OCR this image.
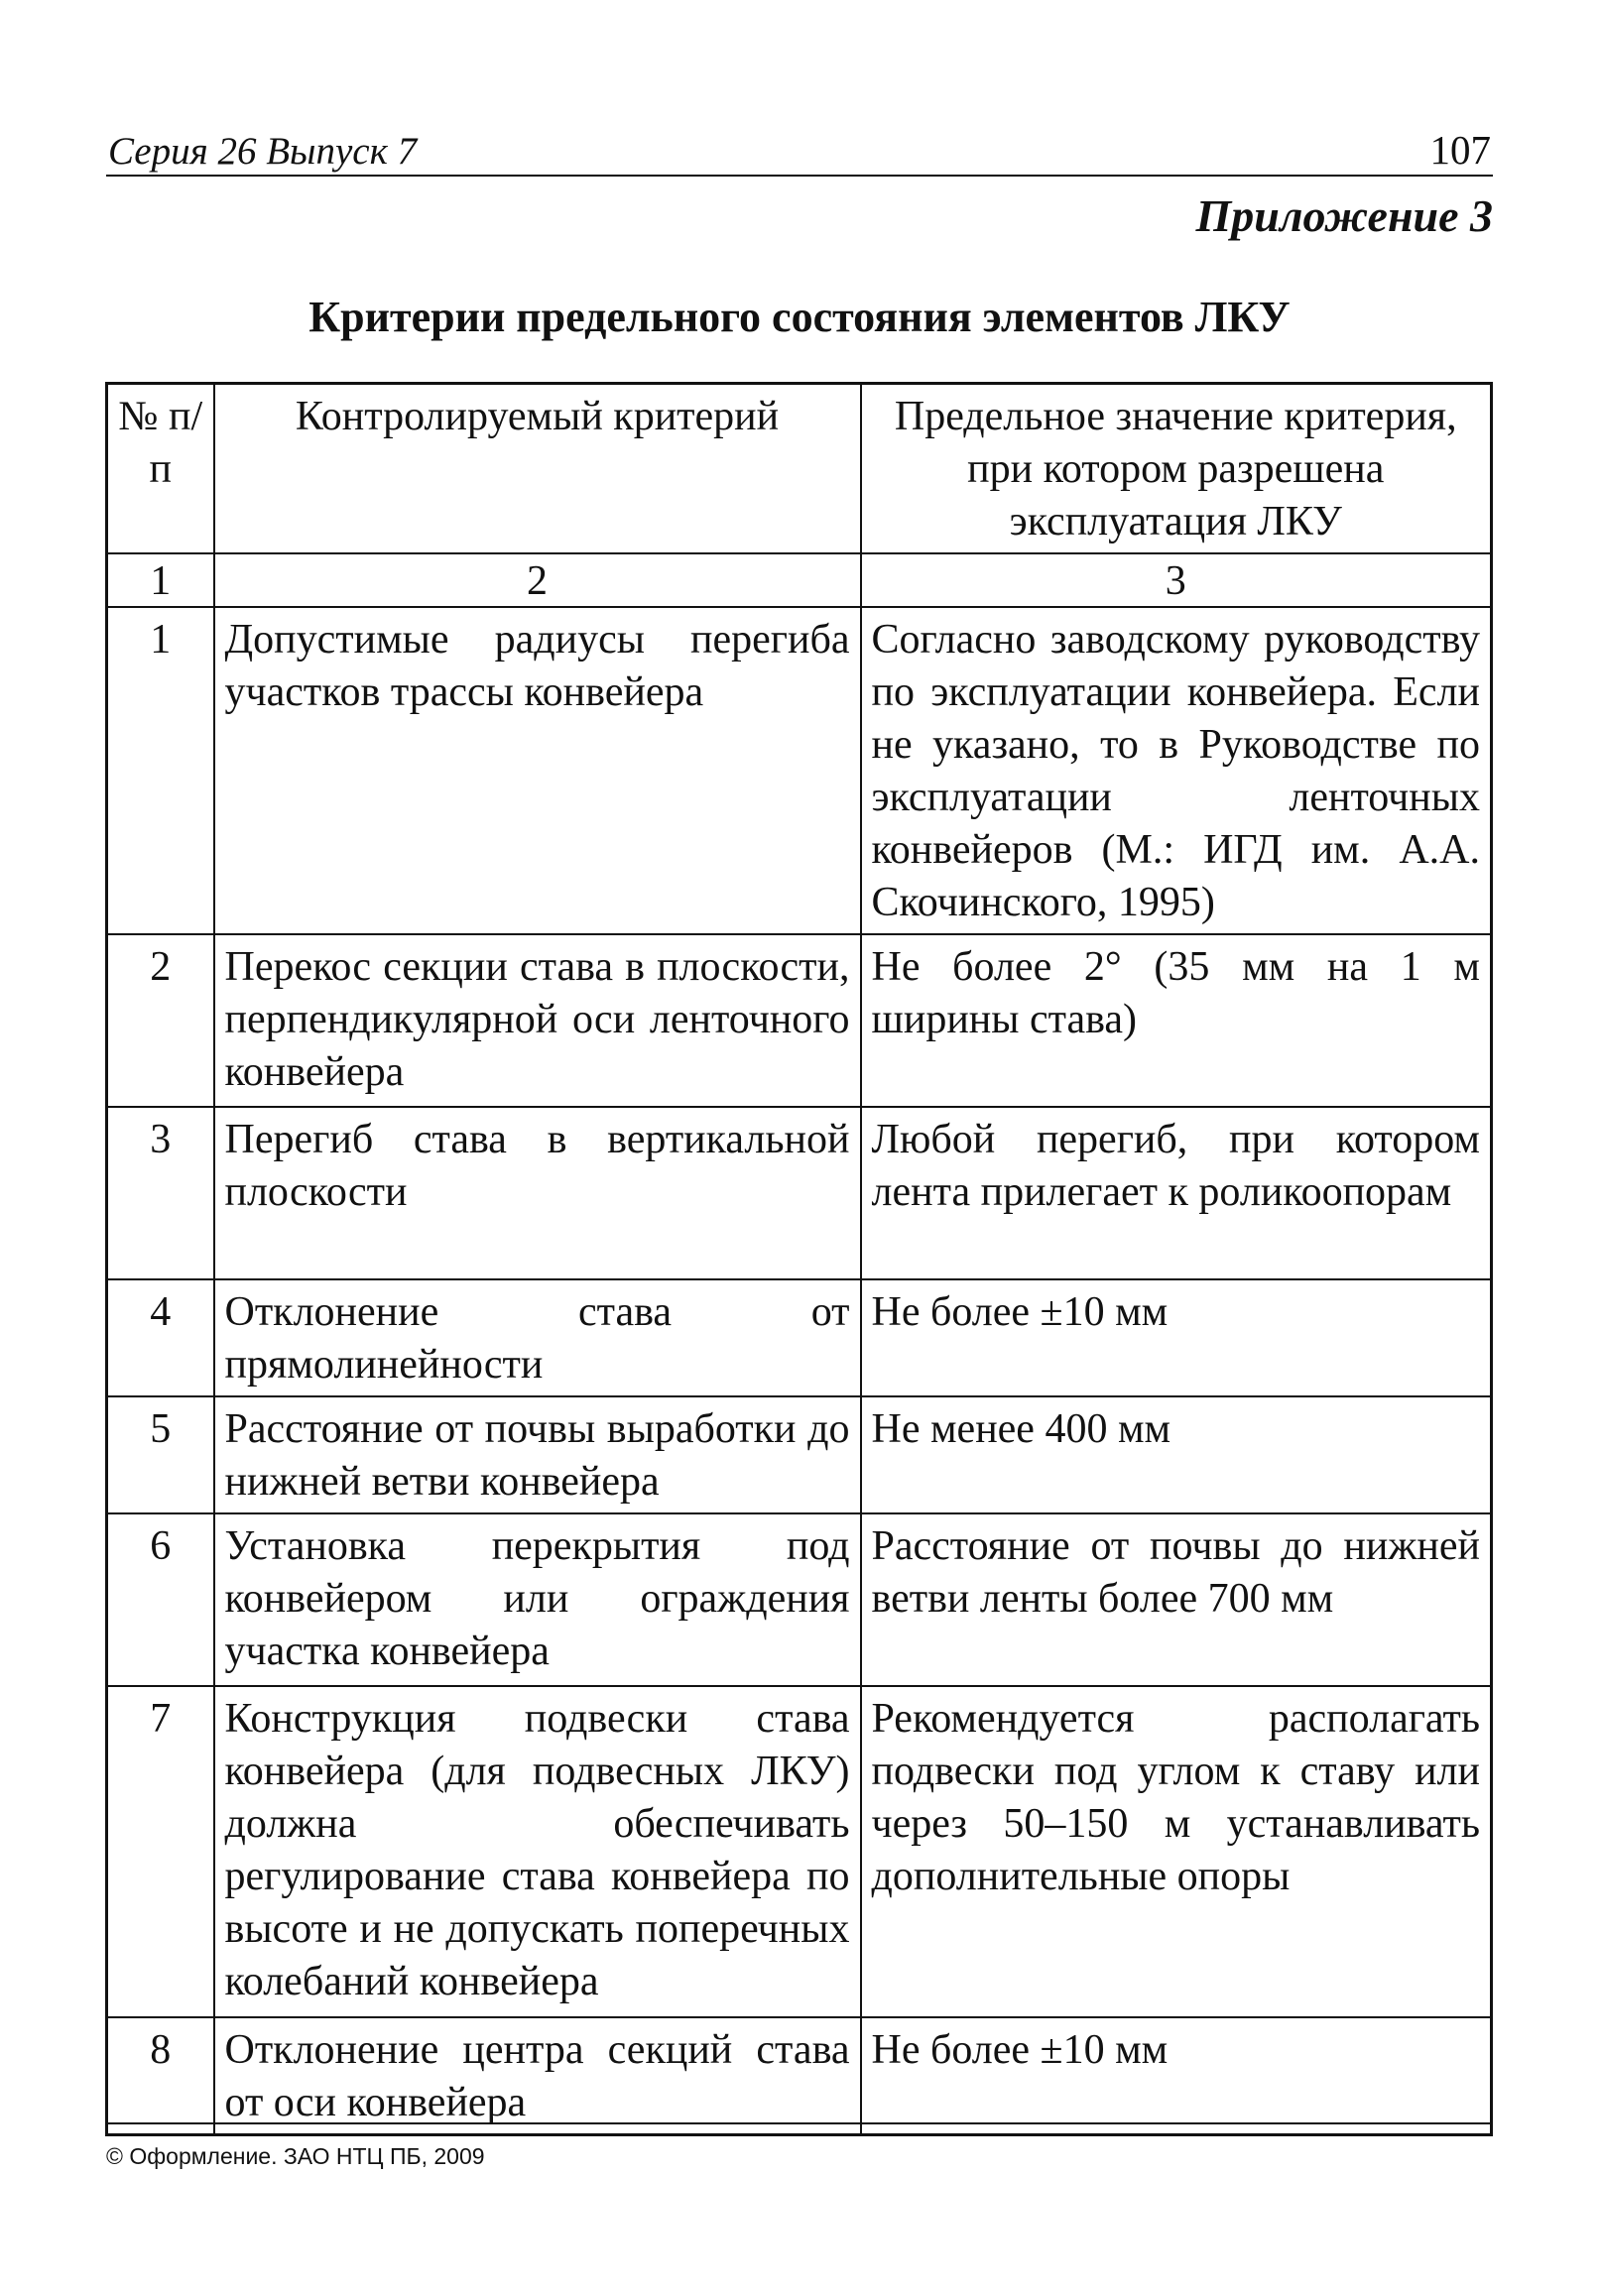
Серия 26 Выпуск 7	107
Приложение 3
Критерии предельного состояния элементов ЛКУ
№ п/п	Контролируемый критерий	Предельное значение критерия, при котором разрешена эксплуатация ЛКУ
1	2	3
1	Допустимые радиусы перегиба участков трассы конвейера	Согласно заводскому руководству по эксплуатации конвейера. Если не указано, то в Руководстве по эксплуатации ленточных конвейеров (М.: ИГД им. А.А. Скочинского, 1995)
2	Перекос секции става в плоскости, перпендикулярной оси ленточного конвейера	Не более 2° (35 мм на 1 м ширины става)
3	Перегиб става в вертикальной плоскости	Любой перегиб, при котором лента прилегает к роликоопорам
4	Отклонение става от прямолинейности	Не более ±10 мм
5	Расстояние от почвы выработки до нижней ветви конвейера	Не менее 400 мм
6	Установка перекрытия под конвейером или ограждения участка конвейера	Расстояние от почвы до нижней ветви ленты более 700 мм
7	Конструкция подвески става конвейера (для подвесных ЛКУ) должна обеспечивать регулирование става конвейера по высоте и не допускать поперечных колебаний конвейера	Рекомендуется располагать подвески под углом к ставу или через 50–150 м устанавливать дополнительные опоры
8	Отклонение центра секций става от оси конвейера	Не более ±10 мм
© Оформление. ЗАО НТЦ ПБ, 2009
